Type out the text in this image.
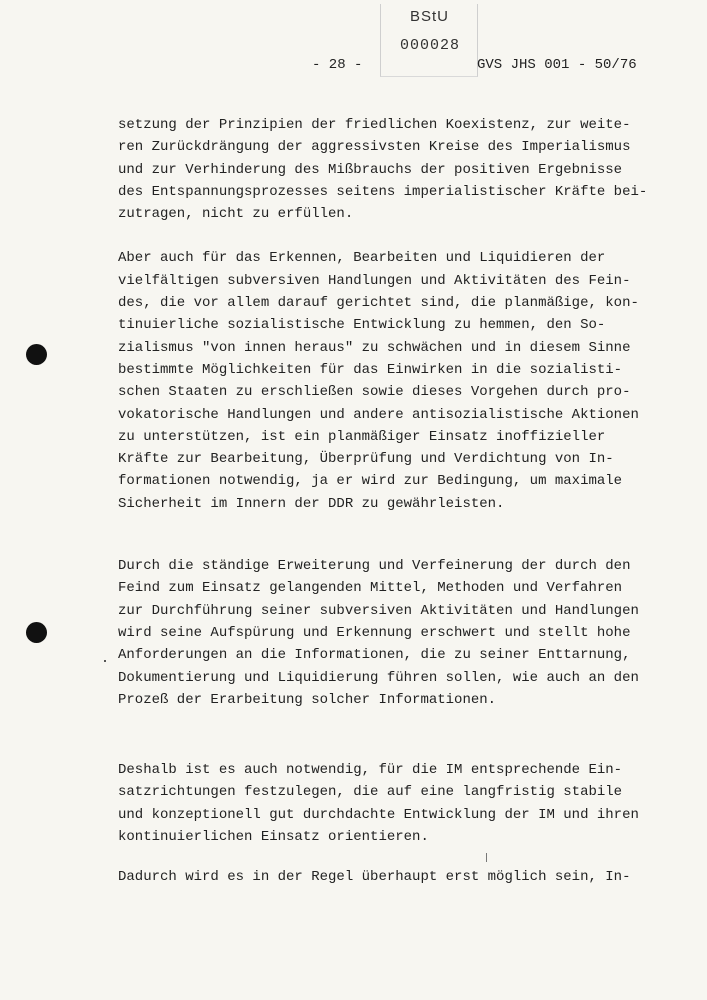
BStU
000028
- 28 -	GVS JHS 001 - 50/76

setzung der Prinzipien der friedlichen Koexistenz, zur weite-
ren Zurückdrängung der aggressivsten Kreise des Imperialismus
und zur Verhinderung des Mißbrauchs der positiven Ergebnisse
des Entspannungsprozesses seitens imperialistischer Kräfte bei-
zutragen, nicht zu erfüllen.

Aber auch für das Erkennen, Bearbeiten und Liquidieren der
vielfältigen subversiven Handlungen und Aktivitäten des Fein-
des, die vor allem darauf gerichtet sind, die planmäßige, kon-
tinuierliche sozialistische Entwicklung zu hemmen, den So-
zialismus "von innen heraus" zu schwächen und in diesem Sinne
bestimmte Möglichkeiten für das Einwirken in die sozialisti-
schen Staaten zu erschließen sowie dieses Vorgehen durch pro-
vokatorische Handlungen und andere antisozialistische Aktionen
zu unterstützen, ist ein planmäßiger Einsatz inoffizieller
Kräfte zur Bearbeitung, Überprüfung und Verdichtung von In-
formationen notwendig, ja er wird zur Bedingung, um maximale
Sicherheit im Innern der DDR zu gewährleisten.

Durch die ständige Erweiterung und Verfeinerung der durch den
Feind zum Einsatz gelangenden Mittel, Methoden und Verfahren
zur Durchführung seiner subversiven Aktivitäten und Handlungen
wird seine Aufspürung und Erkennung erschwert und stellt hohe
Anforderungen an die Informationen, die zu seiner Enttarnung,
Dokumentierung und Liquidierung führen sollen, wie auch an den
Prozeß der Erarbeitung solcher Informationen.

Deshalb ist es auch notwendig, für die IM entsprechende Ein-
satzrichtungen festzulegen, die auf eine langfristig stabile
und konzeptionell gut durchdachte Entwicklung der IM und ihren
kontinuierlichen Einsatz orientieren.

Dadurch wird es in der Regel überhaupt erst möglich sein, In-
